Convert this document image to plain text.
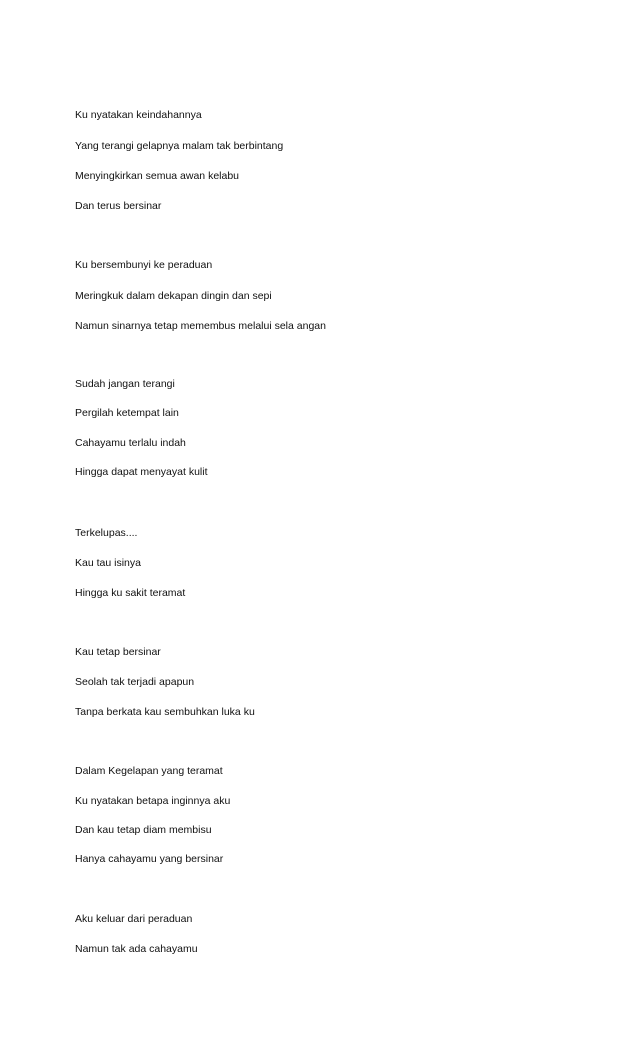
Ku nyatakan keindahannya

Yang terangi gelapnya malam tak berbintang

Menyingkirkan semua awan kelabu

Dan terus bersinar

Ku bersembunyi ke peraduan

Meringkuk dalam dekapan dingin dan sepi

Namun sinarnya tetap memembus melalui sela angan

Sudah jangan terangi

Pergilah ketempat lain

Cahayamu terlalu indah

Hingga dapat menyayat kulit

Terkelupas....

Kau tau isinya

Hingga ku sakit teramat

Kau tetap bersinar

Seolah tak terjadi apapun

Tanpa berkata kau sembuhkan luka ku

Dalam Kegelapan yang teramat

Ku nyatakan betapa inginnya aku

Dan kau tetap diam membisu

Hanya cahayamu yang bersinar

Aku keluar dari peraduan

Namun tak ada cahayamu
